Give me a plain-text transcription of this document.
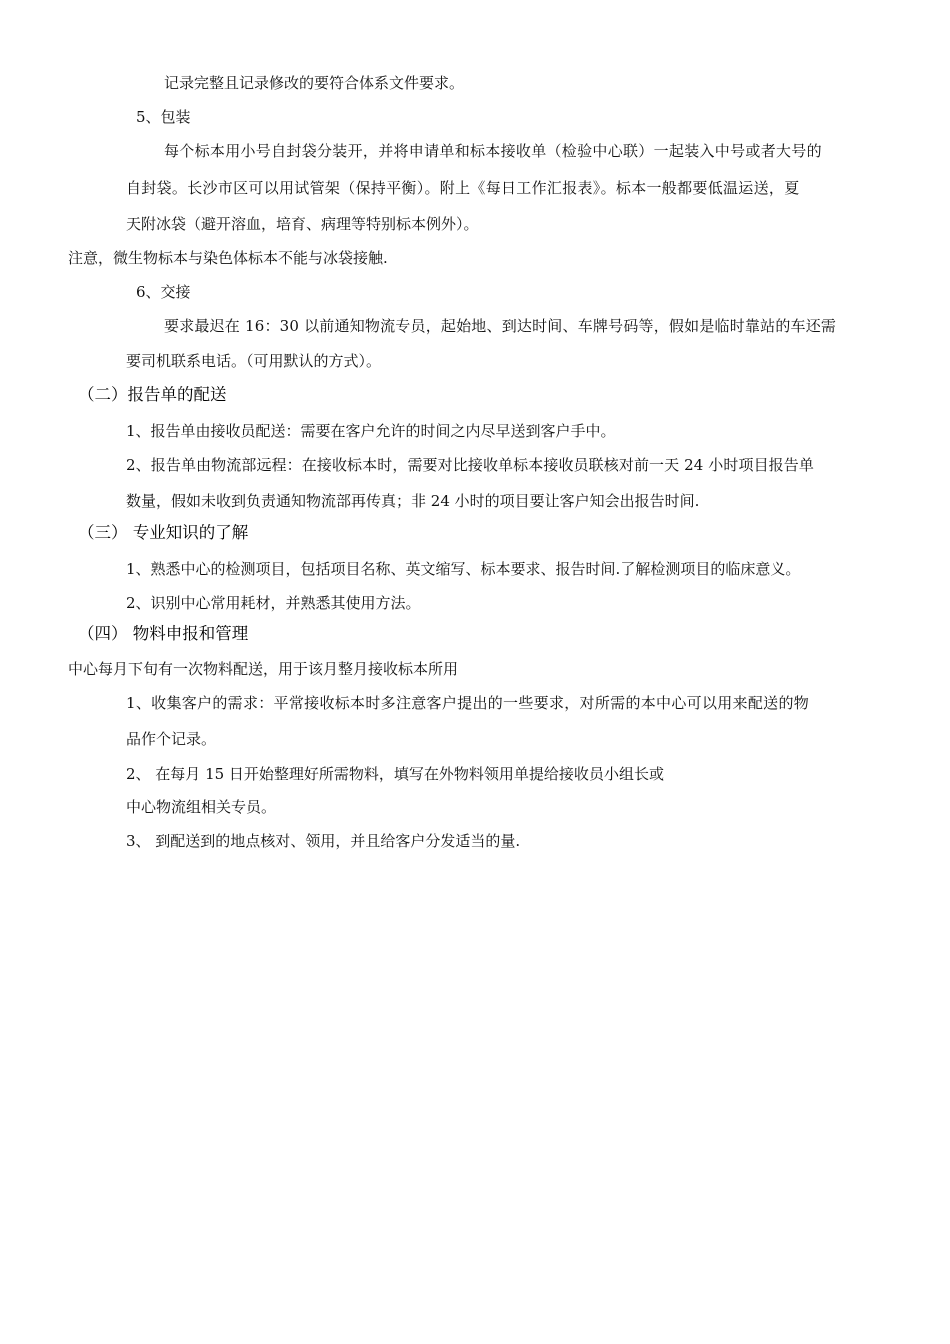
记录完整且记录修改的要符合体系文件要求。
5、包装
每个标本用小号自封袋分装开，并将申请单和标本接收单（检验中心联）一起装入中号或者大号的
自封袋。长沙市区可以用试管架（保持平衡）。附上《每日工作汇报表》。标本一般都要低温运送，夏
天附冰袋（避开溶血，培育、病理等特别标本例外）。
注意，微生物标本与染色体标本不能与冰袋接触.
6、交接
要求最迟在 16：30 以前通知物流专员，起始地、到达时间、车牌号码等，假如是临时靠站的车还需
要司机联系电话。（可用默认的方式）。
（二）报告单的配送
1、报告单由接收员配送：需要在客户允许的时间之内尽早送到客户手中。
2、报告单由物流部远程：在接收标本时，需要对比接收单标本接收员联核对前一天 24 小时项目报告单
数量，假如未收到负责通知物流部再传真；非 24 小时的项目要让客户知会出报告时间.
（三） 专业知识的了解
1、熟悉中心的检测项目，包括项目名称、英文缩写、标本要求、报告时间.了解检测项目的临床意义。
2、识别中心常用耗材，并熟悉其使用方法。
（四） 物料申报和管理
中心每月下旬有一次物料配送，用于该月整月接收标本所用
1、收集客户的需求：平常接收标本时多注意客户提出的一些要求，对所需的本中心可以用来配送的物
品作个记录。
2、 在每月 15 日开始整理好所需物料，填写在外物料领用单提给接收员小组长或
中心物流组相关专员。
3、 到配送到的地点核对、领用，并且给客户分发适当的量.
